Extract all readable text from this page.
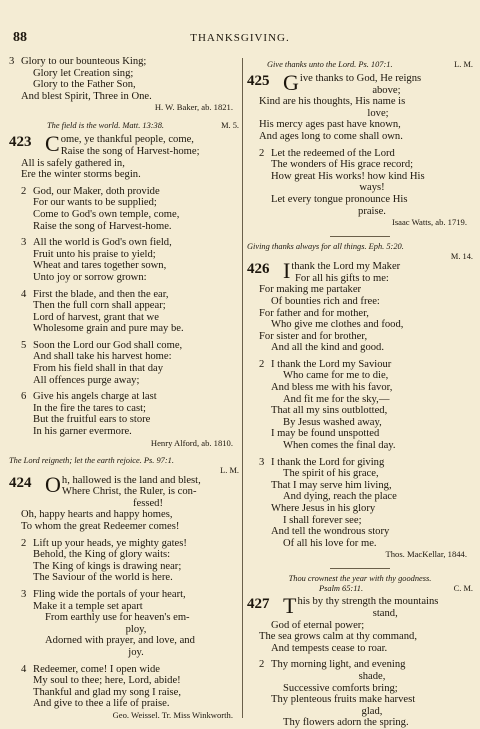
88	THANKSGIVING.
3 Glory to our bounteous King;
Glory let Creation sing;
Glory to the Father Son,
And blest Spirit, Three in One.
H. W. Baker, ab. 1821.
The field is the world. Matt. 13:38.	M. 5.
423 C ome, ye thankful people, come,
Raise the song of Harvest-home;
All is safely gathered in,
Ere the winter storms begin.
2 God, our Maker, doth provide
For our wants to be supplied;
Come to God's own temple, come,
Raise the song of Harvest-home.
3 All the world is God's own field,
Fruit unto his praise to yield;
Wheat and tares together sown,
Unto joy or sorrow grown:
4 First the blade, and then the ear,
Then the full corn shall appear;
Lord of harvest, grant that we
Wholesome grain and pure may be.
5 Soon the Lord our God shall come,
And shall take his harvest home:
From his field shall in that day
All offences purge away;
6 Give his angels charge at last
In the fire the tares to cast;
But the fruitful ears to store
In his garner evermore.
Henry Alford, ab. 1810.
The Lord reigneth; let the earth rejoice. Ps. 97:1.
L. M.
424 O h, hallowed is the land and blest,
Where Christ, the Ruler, is con-
fessed!
Oh, happy hearts and happy homes,
To whom the great Redeemer comes!
2 Lift up your heads, ye mighty gates!
Behold, the King of glory waits:
The King of kings is drawing near;
The Saviour of the world is here.
3 Fling wide the portals of your heart,
Make it a temple set apart
From earthly use for heaven's em-
ploy,
Adorned with prayer, and love, and
joy.
4 Redeemer, come! I open wide
My soul to thee; here, Lord, abide!
Thankful and glad my song I raise,
And give to thee a life of praise.
Geo. Weissel. Tr. Miss Winkworth.
Give thanks unto the Lord. Ps. 107:1.	L. M.
425 G ive thanks to God, He reigns
above;
Kind are his thoughts, His name is
love;
His mercy ages past have known,
And ages long to come shall own.
2 Let the redeemed of the Lord
The wonders of His grace record;
How great His works! how kind His
ways!
Let every tongue pronounce His
praise.
Isaac Watts, ab. 1719.
Giving thanks always for all things. Eph. 5:20.
M. 14.
426 I thank the Lord my Maker
For all his gifts to me:
For making me partaker
Of bounties rich and free:
For father and for mother,
Who give me clothes and food,
For sister and for brother,
And all the kind and good.
2 I thank the Lord my Saviour
Who came for me to die,
And bless me with his favor,
And fit me for the sky,—
That all my sins outblotted,
By Jesus washed away,
I may be found unspotted
When comes the final day.
3 I thank the Lord for giving
The spirit of his grace,
That I may serve him living,
And dying, reach the place
Where Jesus in his glory
I shall forever see;
And tell the wondrous story
Of all his love for me.
Thos. MacKellar, 1844.
Thou crownest the year with thy goodness.
Psalm 65:11.	C. M.
427 T his by thy strength the mountains
stand,
God of eternal power;
The sea grows calm at thy command,
And tempests cease to roar.
2 Thy morning light, and evening
shade,
Successive comforts bring;
Thy plenteous fruits make harvest
glad,
Thy flowers adorn the spring.
